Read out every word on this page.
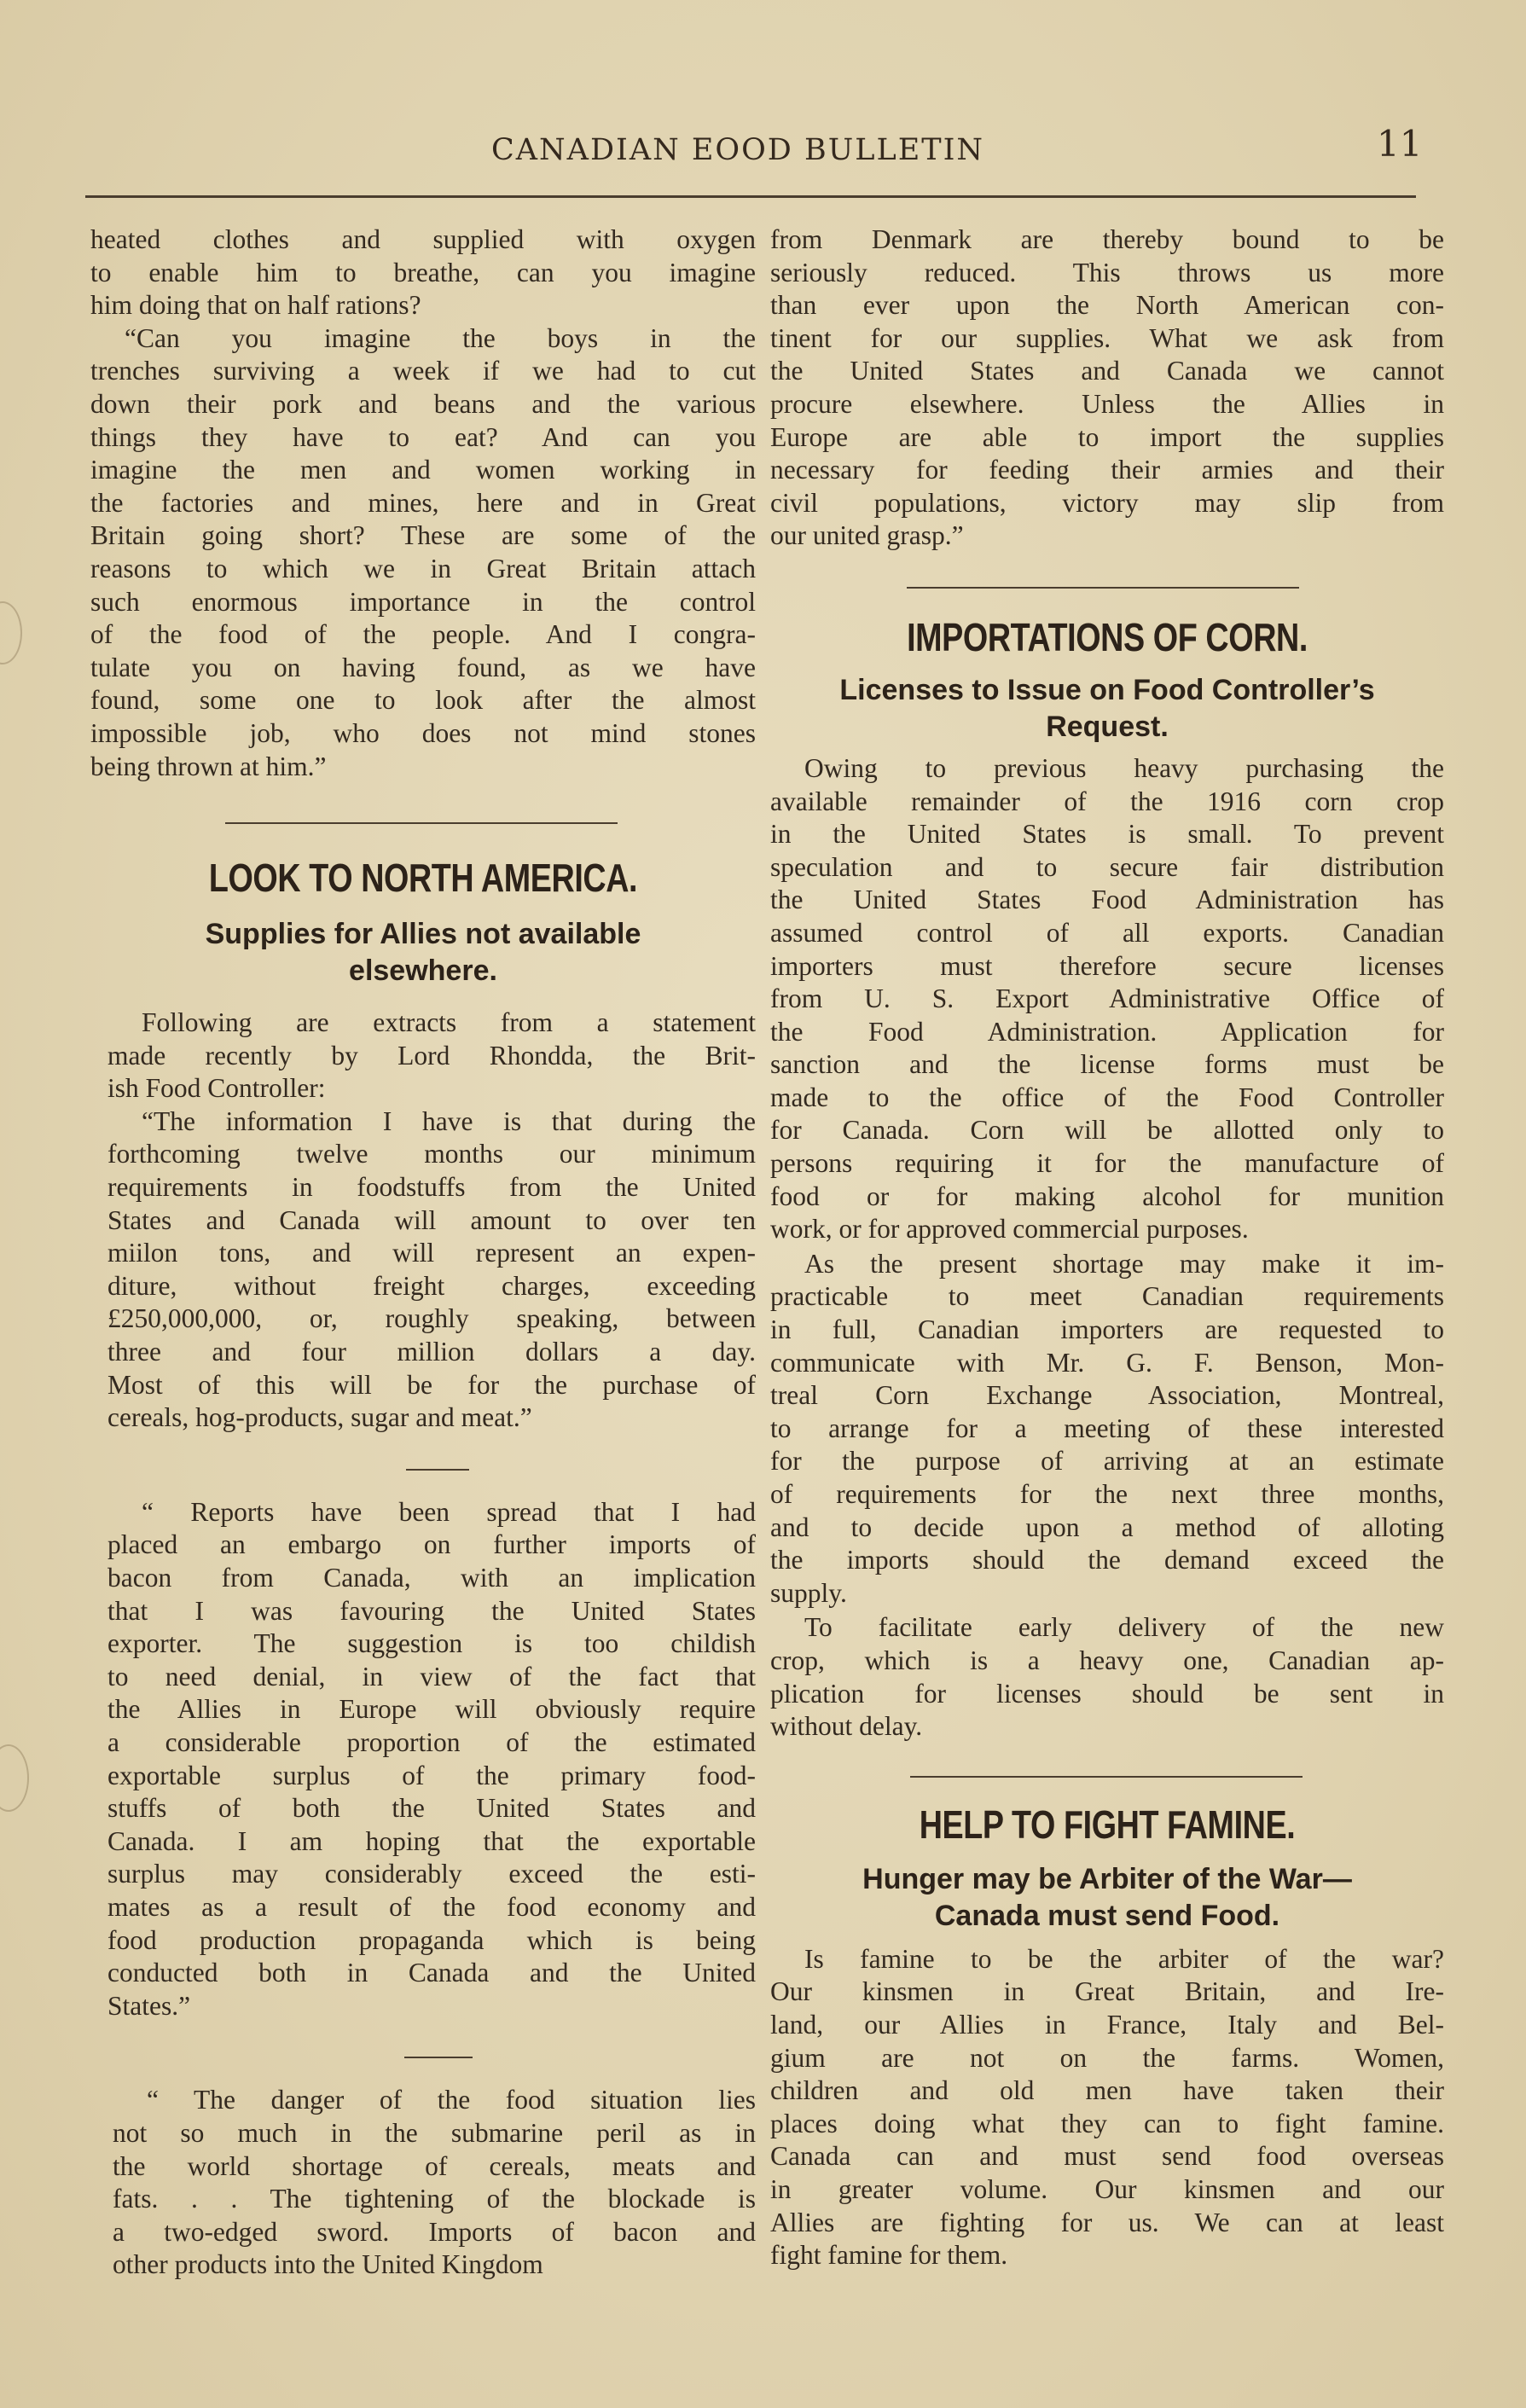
CANADIAN EOOD BULLETIN	11
heated clothes and supplied with oxygen
to enable him to breathe, can you imagine
him doing that on half rations?
“Can you imagine the boys in the
trenches surviving a week if we had to cut
down their pork and beans and the various
things they have to eat? And can you
imagine the men and women working in
the factories and mines, here and in Great
Britain going short? These are some of the
reasons to which we in Great Britain attach
such enormous importance in the control
of the food of the people. And I congra-
tulate you on having found, as we have
found, some one to look after the almost
impossible job, who does not mind stones
being thrown at him.”
LOOK TO NORTH AMERICA.
Supplies for Allies not available
elsewhere.
Following are extracts from a statement
made recently by Lord Rhondda, the Brit-
ish Food Controller:
“The information I have is that during the
forthcoming twelve months our minimum
requirements in foodstuffs from the United
States and Canada will amount to over ten
miilon tons, and will represent an expen-
diture, without freight charges, exceeding
£250,000,000, or, roughly speaking, between
three and four million dollars a day.
Most of this will be for the purchase of
cereals, hog-products, sugar and meat.”
“ Reports have been spread that I had
placed an embargo on further imports of
bacon from Canada, with an implication
that I was favouring the United States
exporter. The suggestion is too childish
to need denial, in view of the fact that
the Allies in Europe will obviously require
a considerable proportion of the estimated
exportable surplus of the primary food-
stuffs of both the United States and
Canada. I am hoping that the exportable
surplus may considerably exceed the esti-
mates as a result of the food economy and
food production propaganda which is being
conducted both in Canada and the United
States.”
“ The danger of the food situation lies
not so much in the submarine peril as in
the world shortage of cereals, meats and
fats. . . The tightening of the blockade is
a two-edged sword. Imports of bacon and
other products into the United Kingdom
from Denmark are thereby bound to be
seriously reduced. This throws us more
than ever upon the North American con-
tinent for our supplies. What we ask from
the United States and Canada we cannot
procure elsewhere. Unless the Allies in
Europe are able to import the supplies
necessary for feeding their armies and their
civil populations, victory may slip from
our united grasp.”
IMPORTATIONS OF CORN.
Licenses to Issue on Food Controller’s
Request.
Owing to previous heavy purchasing the
available remainder of the 1916 corn crop
in the United States is small. To prevent
speculation and to secure fair distribution
the United States Food Administration has
assumed control of all exports. Canadian
importers must therefore secure licenses
from U. S. Export Administrative Office of
the Food Administration. Application for
sanction and the license forms must be
made to the office of the Food Controller
for Canada. Corn will be allotted only to
persons requiring it for the manufacture of
food or for making alcohol for munition
work, or for approved commercial purposes.
As the present shortage may make it im-
practicable to meet Canadian requirements
in full, Canadian importers are requested to
communicate with Mr. G. F. Benson, Mon-
treal Corn Exchange Association, Montreal,
to arrange for a meeting of these interested
for the purpose of arriving at an estimate
of requirements for the next three months,
and to decide upon a method of alloting
the imports should the demand exceed the
supply.
To facilitate early delivery of the new
crop, which is a heavy one, Canadian ap-
plication for licenses should be sent in
without delay.
HELP TO FIGHT FAMINE.
Hunger may be Arbiter of the War—
Canada must send Food.
Is famine to be the arbiter of the war?
Our kinsmen in Great Britain, and Ire-
land, our Allies in France, Italy and Bel-
gium are not on the farms. Women,
children and old men have taken their
places doing what they can to fight famine.
Canada can and must send food overseas
in greater volume. Our kinsmen and our
Allies are fighting for us. We can at least
fight famine for them.
